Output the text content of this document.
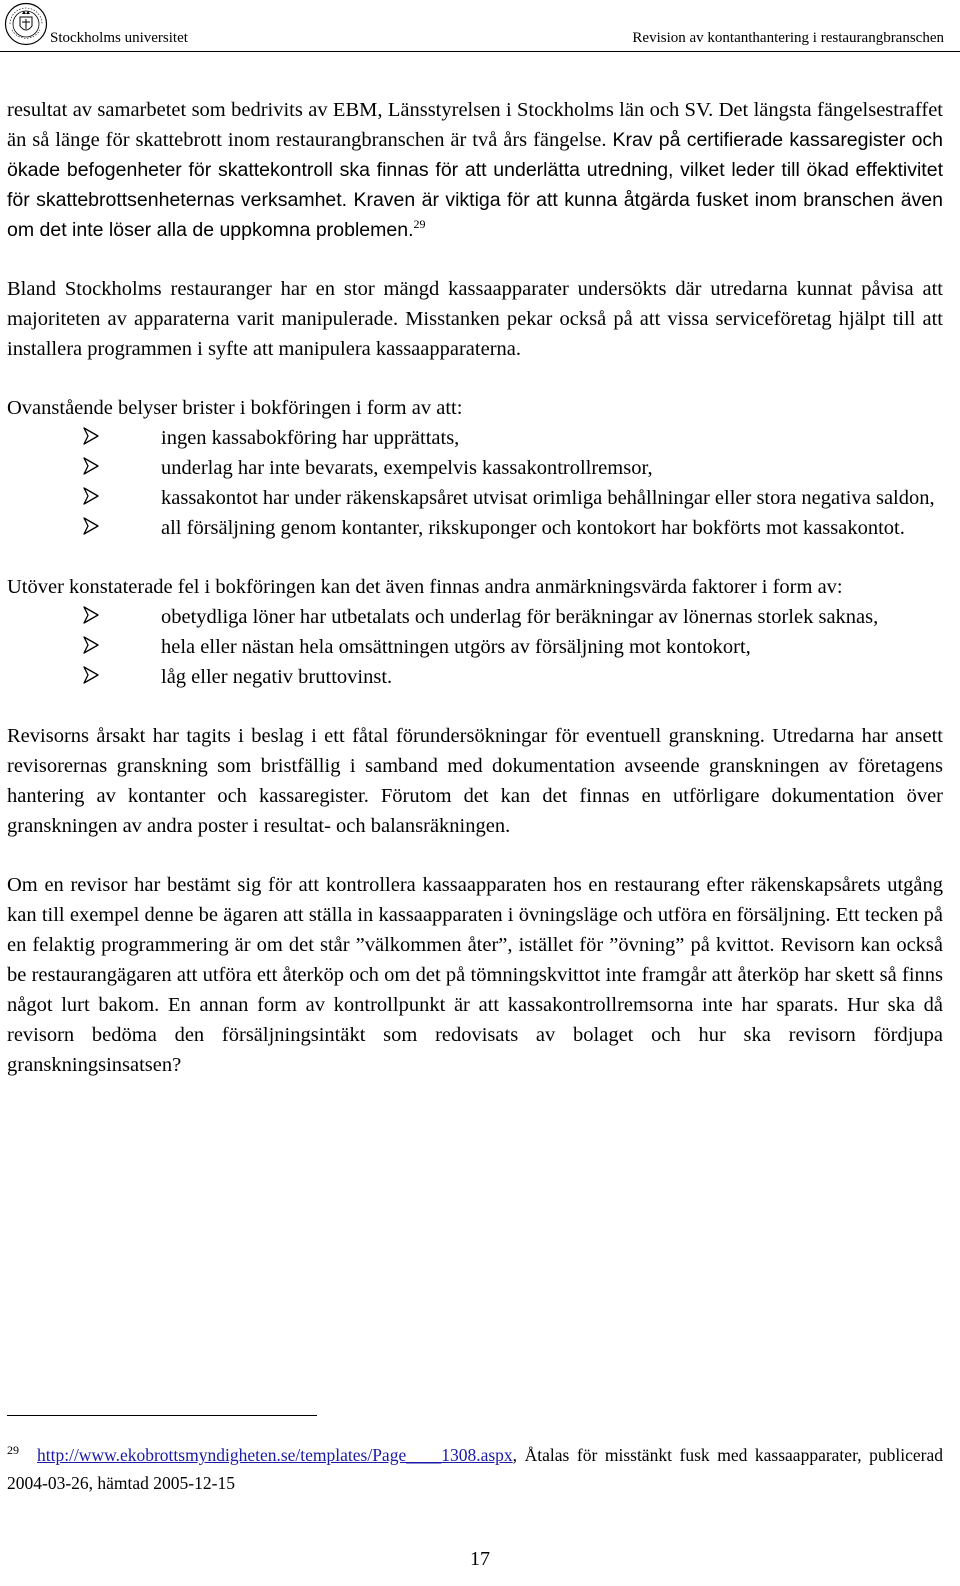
Stockholms universitet	Revision av kontanthantering i restaurangbranschen

resultat av samarbetet som bedrivits av EBM, Länsstyrelsen i Stockholms län och SV. Det längsta fängelsestraffet än så länge för skattebrott inom restaurangbranschen är två års fängelse. Krav på certifierade kassaregister och ökade befogenheter för skattekontroll ska finnas för att underlätta utredning, vilket leder till ökad effektivitet för skattebrottsenheternas verksamhet. Kraven är viktiga för att kunna åtgärda fusket inom branschen även om det inte löser alla de uppkomna problemen.$^{29}$

Bland Stockholms restauranger har en stor mängd kassaapparater undersökts där utredarna kunnat påvisa att majoriteten av apparaterna varit manipulerade. Misstanken pekar också på att vissa serviceföretag hjälpt till att installera programmen i syfte att manipulera kassaapparaterna.

Ovanstående belyser brister i bokföringen i form av att:

ingen kassabokföring har upprättats,
underlag har inte bevarats, exempelvis kassakontrollremsor,
kassakontot har under räkenskapsåret utvisat orimliga behållningar eller stora negativa saldon,
all försäljning genom kontanter, rikskuponger och kontokort har bokförts mot kassakontot.

Utöver konstaterade fel i bokföringen kan det även finnas andra anmärkningsvärda faktorer i form av:

obetydliga löner har utbetalats och underlag för beräkningar av lönernas storlek saknas,
hela eller nästan hela omsättningen utgörs av försäljning mot kontokort,
låg eller negativ bruttovinst.

Revisorns årsakt har tagits i beslag i ett fåtal förundersökningar för eventuell granskning. Utredarna har ansett revisorernas granskning som bristfällig i samband med dokumentation avseende granskningen av företagens hantering av kontanter och kassaregister. Förutom det kan det finnas en utförligare dokumentation över granskningen av andra poster i resultat- och balansräkningen.

Om en revisor har bestämt sig för att kontrollera kassaapparaten hos en restaurang efter räkenskapsårets utgång kan till exempel denne be ägaren att ställa in kassaapparaten i övningsläge och utföra en försäljning. Ett tecken på en felaktig programmering är om det står ”välkommen åter”, istället för ”övning” på kvittot. Revisorn kan också be restaurangägaren att utföra ett återköp och om det på tömningskvittot inte framgår att återköp har skett så finns något lurt bakom. En annan form av kontrollpunkt är att kassakontrollremsorna inte har sparats. Hur ska då revisorn bedöma den försäljningsintäkt som redovisats av bolaget och hur ska revisorn fördjupa granskningsinsatsen?

$^{29}$ http://www.ekobrottsmyndigheten.se/templates/Page____1308.aspx, Åtalas för misstänkt fusk med kassaapparater, publicerad 2004-03-26, hämtad 2005-12-15
17
